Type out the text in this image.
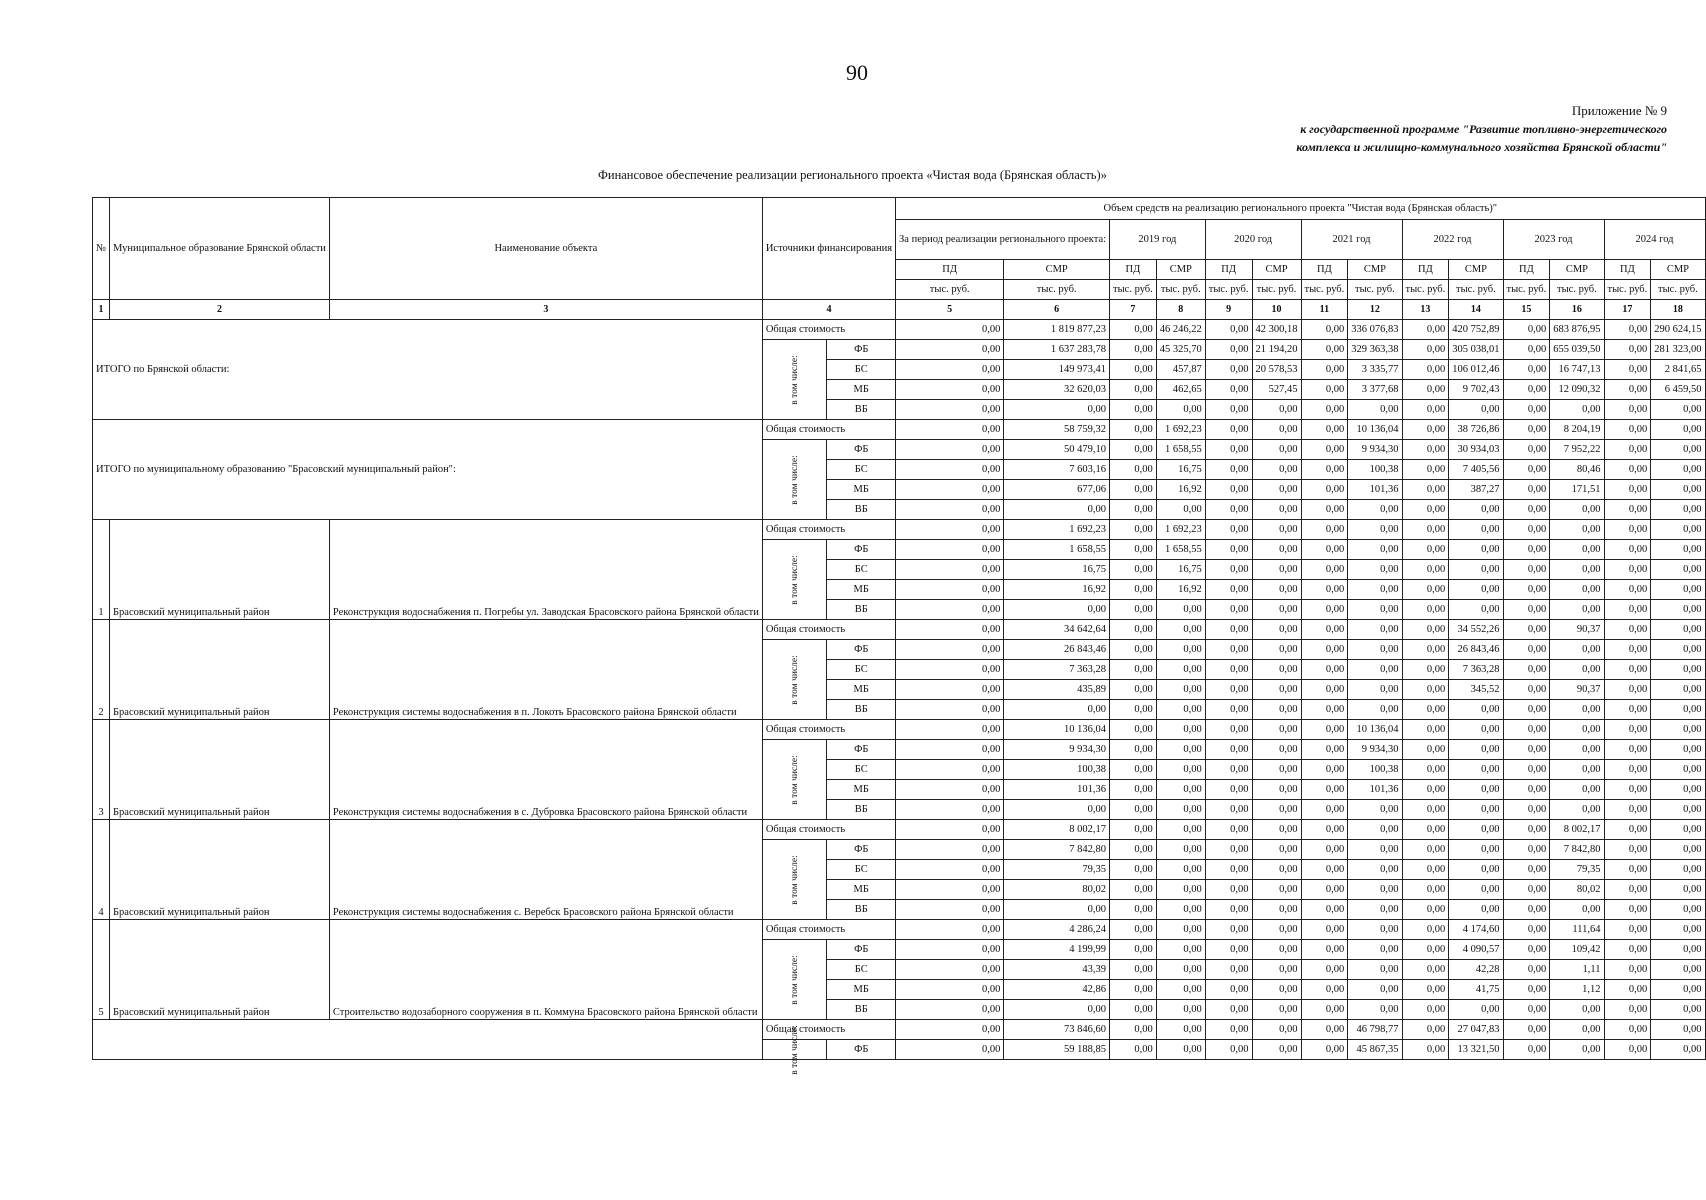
90
Приложение № 9
к государственной программе "Развитие топливно-энергетического
комплекса и жилищно-коммунального хозяйства Брянской области"
Финансовое обеспечение реализации регионального проекта «Чистая вода (Брянская область)»
№	Муниципальное образование Брянской области	Наименование объекта	Источники финансирования		Объем средств на реализацию регионального проекта "Чистая вода (Брянская область)"													
					За период реализации регионального проекта:		2019 год		2020 год		2021 год		2022 год		2023 год		2024 год	
					ПД	СМР	ПД	СМР	ПД	СМР	ПД	СМР	ПД	СМР	ПД	СМР	ПД	СМР
					тыс. руб.	тыс. руб.	тыс. руб.	тыс. руб.	тыс. руб.	тыс. руб.	тыс. руб.	тыс. руб.	тыс. руб.	тыс. руб.	тыс. руб.	тыс. руб.	тыс. руб.	тыс. руб.
1	2	3	4		5	6	7	8	9	10	11	12	13	14	15	16	17	18
ИТОГО по Брянской области:			Общая стоимость		0,00	1 819 877,23	0,00	46 246,22	0,00	42 300,18	0,00	336 076,83	0,00	420 752,89	0,00	683 876,95	0,00	290 624,15
			в том числе:	ФБ	0,00	1 637 283,78	0,00	45 325,70	0,00	21 194,20	0,00	329 363,38	0,00	305 038,01	0,00	655 039,50	0,00	281 323,00
				БС	0,00	149 973,41	0,00	457,87	0,00	20 578,53	0,00	3 335,77	0,00	106 012,46	0,00	16 747,13	0,00	2 841,65
				МБ	0,00	32 620,03	0,00	462,65	0,00	527,45	0,00	3 377,68	0,00	9 702,43	0,00	12 090,32	0,00	6 459,50
				ВБ	0,00	0,00	0,00	0,00	0,00	0,00	0,00	0,00	0,00	0,00	0,00	0,00	0,00	0,00
ИТОГО по муниципальному образованию "Брасовский муниципальный район":			Общая стоимость		0,00	58 759,32	0,00	1 692,23	0,00	0,00	0,00	10 136,04	0,00	38 726,86	0,00	8 204,19	0,00	0,00
			в том числе:	ФБ	0,00	50 479,10	0,00	1 658,55	0,00	0,00	0,00	9 934,30	0,00	30 934,03	0,00	7 952,22	0,00	0,00
				БС	0,00	7 603,16	0,00	16,75	0,00	0,00	0,00	100,38	0,00	7 405,56	0,00	80,46	0,00	0,00
				МБ	0,00	677,06	0,00	16,92	0,00	0,00	0,00	101,36	0,00	387,27	0,00	171,51	0,00	0,00
				ВБ	0,00	0,00	0,00	0,00	0,00	0,00	0,00	0,00	0,00	0,00	0,00	0,00	0,00	0,00
1	Брасовский муниципальный район	Реконструкция водоснабжения п. Погребы ул. Заводская Брасовского района Брянской области	Общая стоимость		0,00	1 692,23	0,00	1 692,23	0,00	0,00	0,00	0,00	0,00	0,00	0,00	0,00	0,00	0,00
			в том числе:	ФБ	0,00	1 658,55	0,00	1 658,55	0,00	0,00	0,00	0,00	0,00	0,00	0,00	0,00	0,00	0,00
				БС	0,00	16,75	0,00	16,75	0,00	0,00	0,00	0,00	0,00	0,00	0,00	0,00	0,00	0,00
				МБ	0,00	16,92	0,00	16,92	0,00	0,00	0,00	0,00	0,00	0,00	0,00	0,00	0,00	0,00
				ВБ	0,00	0,00	0,00	0,00	0,00	0,00	0,00	0,00	0,00	0,00	0,00	0,00	0,00	0,00
2	Брасовский муниципальный район	Реконструкция системы водоснабжения в п. Локоть Брасовского района Брянской области	Общая стоимость		0,00	34 642,64	0,00	0,00	0,00	0,00	0,00	0,00	0,00	34 552,26	0,00	90,37	0,00	0,00
			в том числе:	ФБ	0,00	26 843,46	0,00	0,00	0,00	0,00	0,00	0,00	0,00	26 843,46	0,00	0,00	0,00	0,00
				БС	0,00	7 363,28	0,00	0,00	0,00	0,00	0,00	0,00	0,00	7 363,28	0,00	0,00	0,00	0,00
				МБ	0,00	435,89	0,00	0,00	0,00	0,00	0,00	0,00	0,00	345,52	0,00	90,37	0,00	0,00
				ВБ	0,00	0,00	0,00	0,00	0,00	0,00	0,00	0,00	0,00	0,00	0,00	0,00	0,00	0,00
3	Брасовский муниципальный район	Реконструкция системы водоснабжения в с. Дубровка Брасовского района Брянской области	Общая стоимость		0,00	10 136,04	0,00	0,00	0,00	0,00	0,00	10 136,04	0,00	0,00	0,00	0,00	0,00	0,00
			в том числе:	ФБ	0,00	9 934,30	0,00	0,00	0,00	0,00	0,00	9 934,30	0,00	0,00	0,00	0,00	0,00	0,00
				БС	0,00	100,38	0,00	0,00	0,00	0,00	0,00	100,38	0,00	0,00	0,00	0,00	0,00	0,00
				МБ	0,00	101,36	0,00	0,00	0,00	0,00	0,00	101,36	0,00	0,00	0,00	0,00	0,00	0,00
				ВБ	0,00	0,00	0,00	0,00	0,00	0,00	0,00	0,00	0,00	0,00	0,00	0,00	0,00	0,00
4	Брасовский муниципальный район	Реконструкция системы водоснабжения с. Веребск Брасовского района Брянской области	Общая стоимость		0,00	8 002,17	0,00	0,00	0,00	0,00	0,00	0,00	0,00	0,00	0,00	8 002,17	0,00	0,00
			в том числе:	ФБ	0,00	7 842,80	0,00	0,00	0,00	0,00	0,00	0,00	0,00	0,00	0,00	7 842,80	0,00	0,00
				БС	0,00	79,35	0,00	0,00	0,00	0,00	0,00	0,00	0,00	0,00	0,00	79,35	0,00	0,00
				МБ	0,00	80,02	0,00	0,00	0,00	0,00	0,00	0,00	0,00	0,00	0,00	80,02	0,00	0,00
				ВБ	0,00	0,00	0,00	0,00	0,00	0,00	0,00	0,00	0,00	0,00	0,00	0,00	0,00	0,00
5	Брасовский муниципальный район	Строительство водозаборного сооружения в п. Коммуна Брасовского района Брянской области	Общая стоимость		0,00	4 286,24	0,00	0,00	0,00	0,00	0,00	0,00	0,00	4 174,60	0,00	111,64	0,00	0,00
			в том числе:	ФБ	0,00	4 199,99	0,00	0,00	0,00	0,00	0,00	0,00	0,00	4 090,57	0,00	109,42	0,00	0,00
				БС	0,00	43,39	0,00	0,00	0,00	0,00	0,00	0,00	0,00	42,28	0,00	1,11	0,00	0,00
				МБ	0,00	42,86	0,00	0,00	0,00	0,00	0,00	0,00	0,00	41,75	0,00	1,12	0,00	0,00
				ВБ	0,00	0,00	0,00	0,00	0,00	0,00	0,00	0,00	0,00	0,00	0,00	0,00	0,00	0,00
			Общая стоимость		0,00	73 846,60	0,00	0,00	0,00	0,00	0,00	46 798,77	0,00	27 047,83	0,00	0,00	0,00	0,00
			в том числе:	ФБ	0,00	59 188,85	0,00	0,00	0,00	0,00	0,00	45 867,35	0,00	13 321,50	0,00	0,00	0,00	0,00
